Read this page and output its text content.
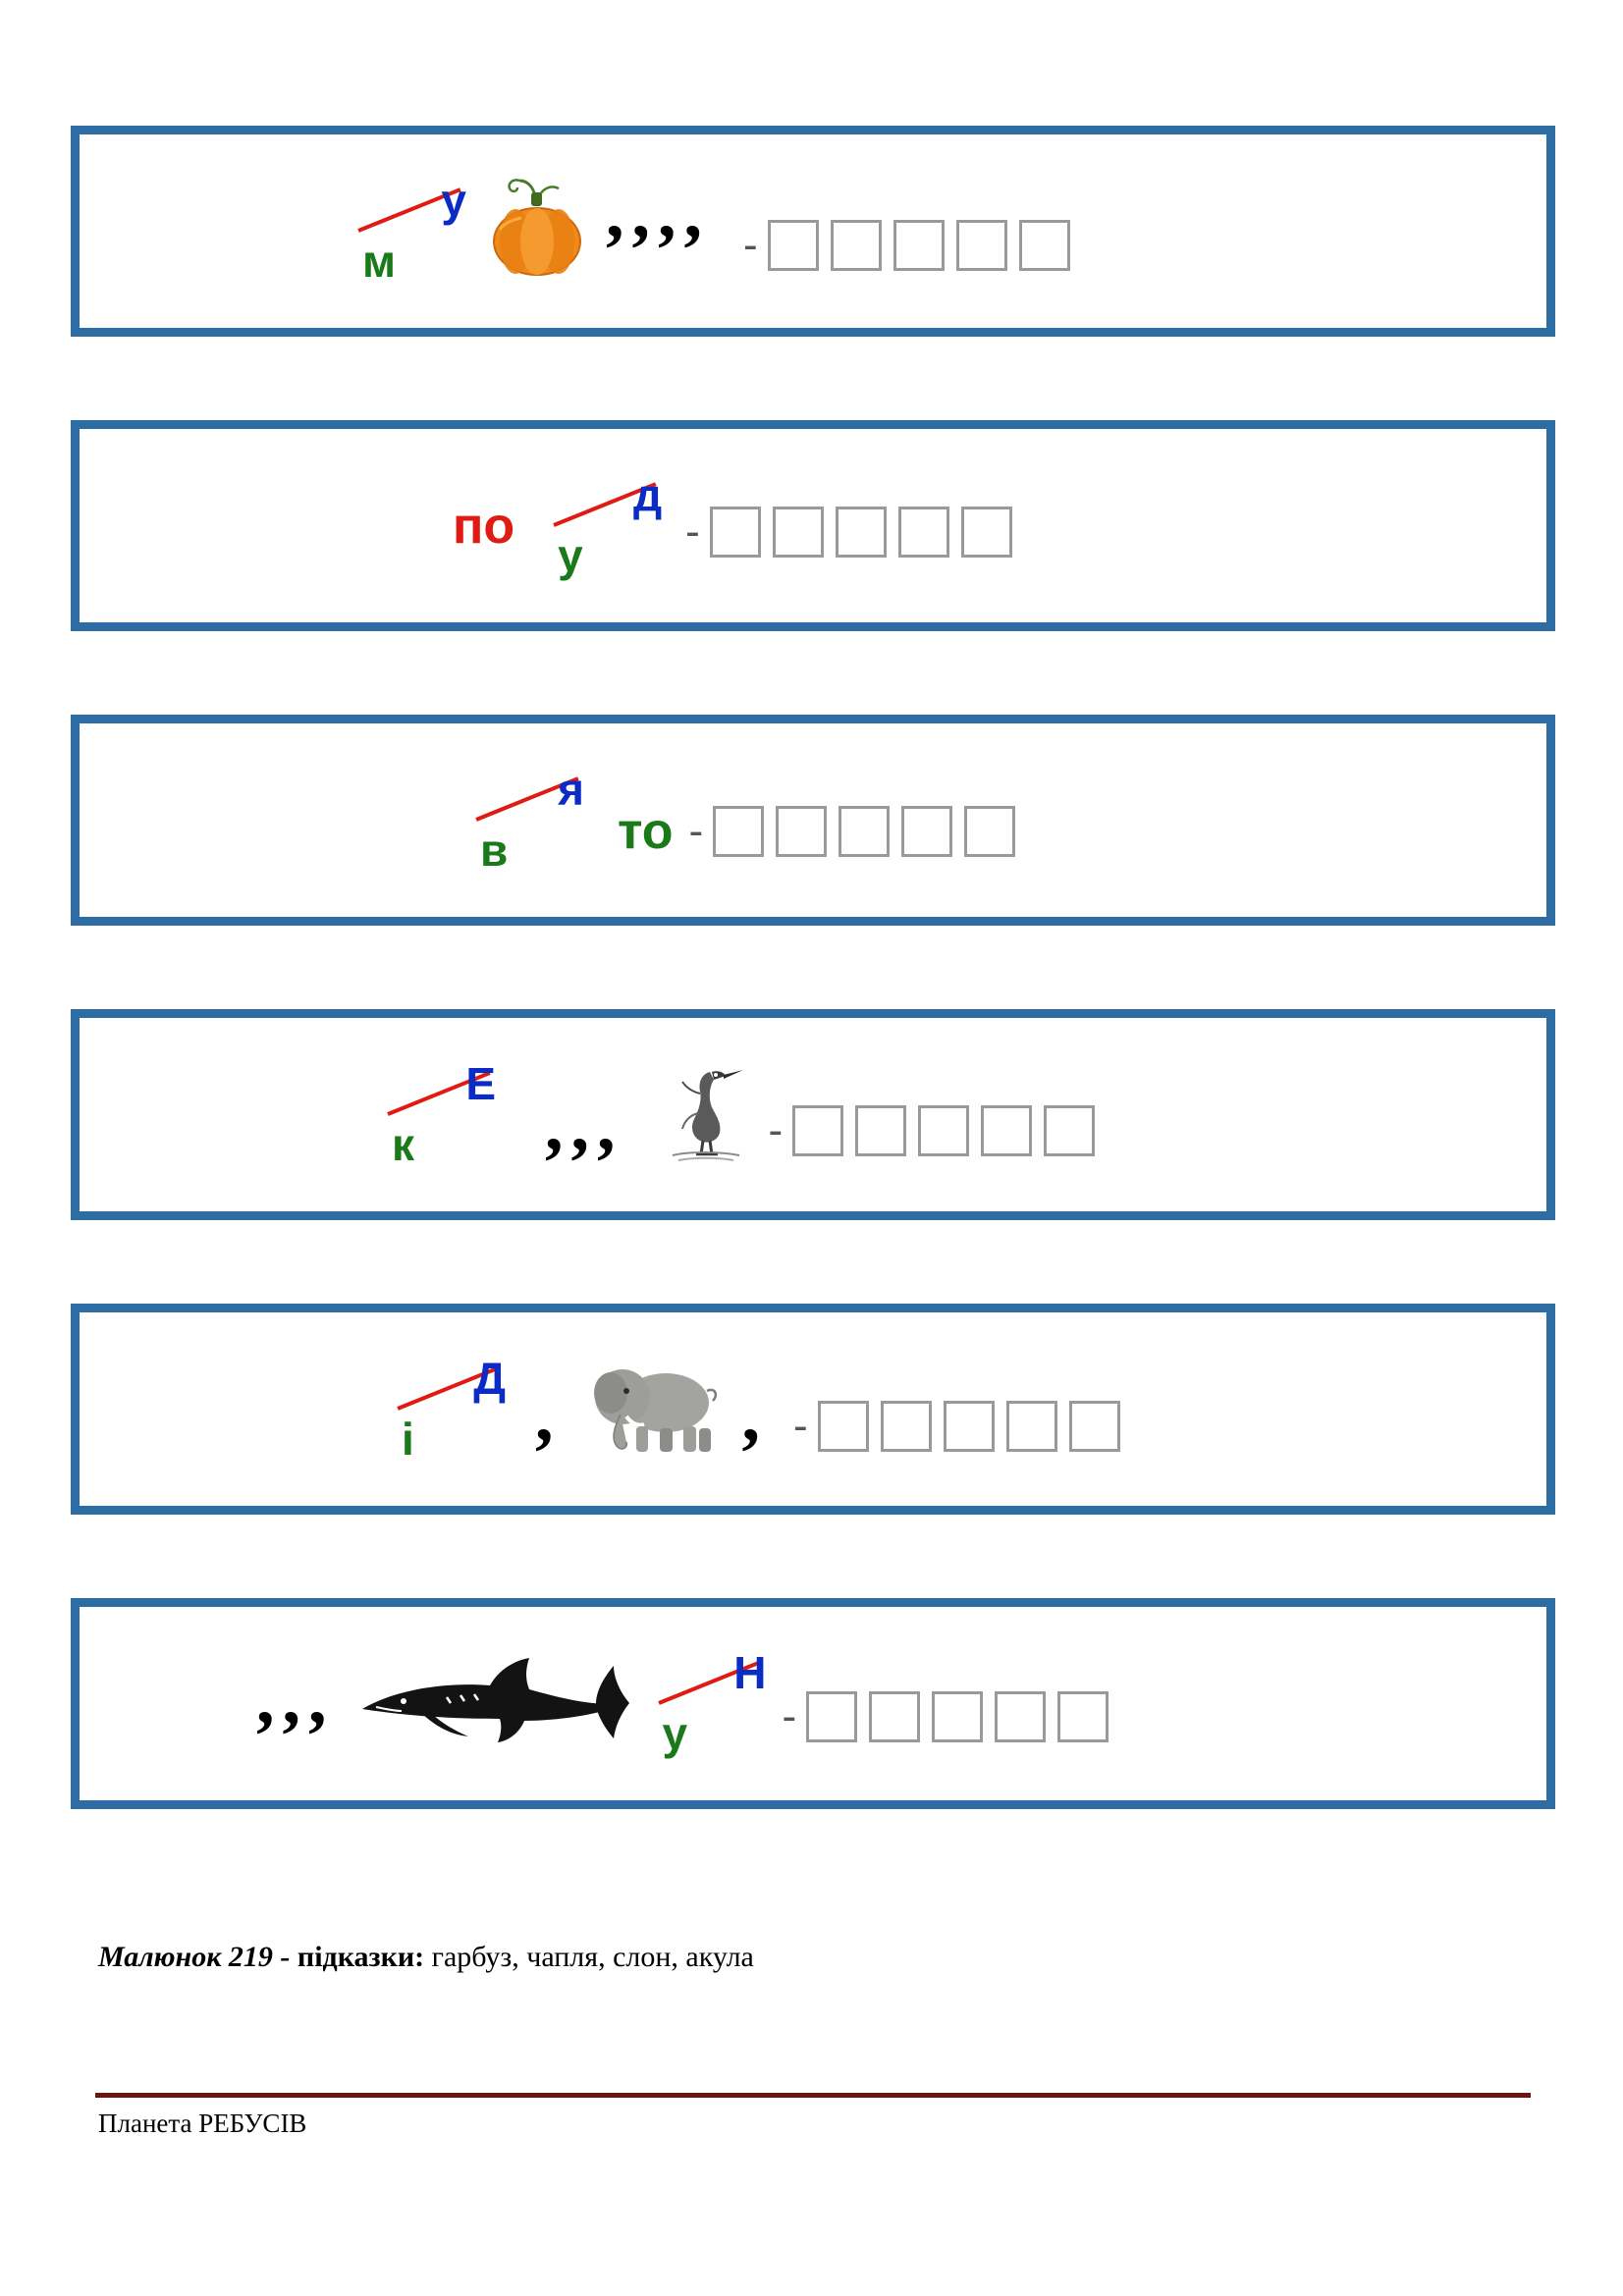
м
у ,,,, -
по
у
д
-
в
я
то -
к
Е
,,,	-
і
Д , , -
,,,	у
Н
-
Малюнок 219 - підказки: гарбуз, чапля, слон, акула
Планета РЕБУСІВ
